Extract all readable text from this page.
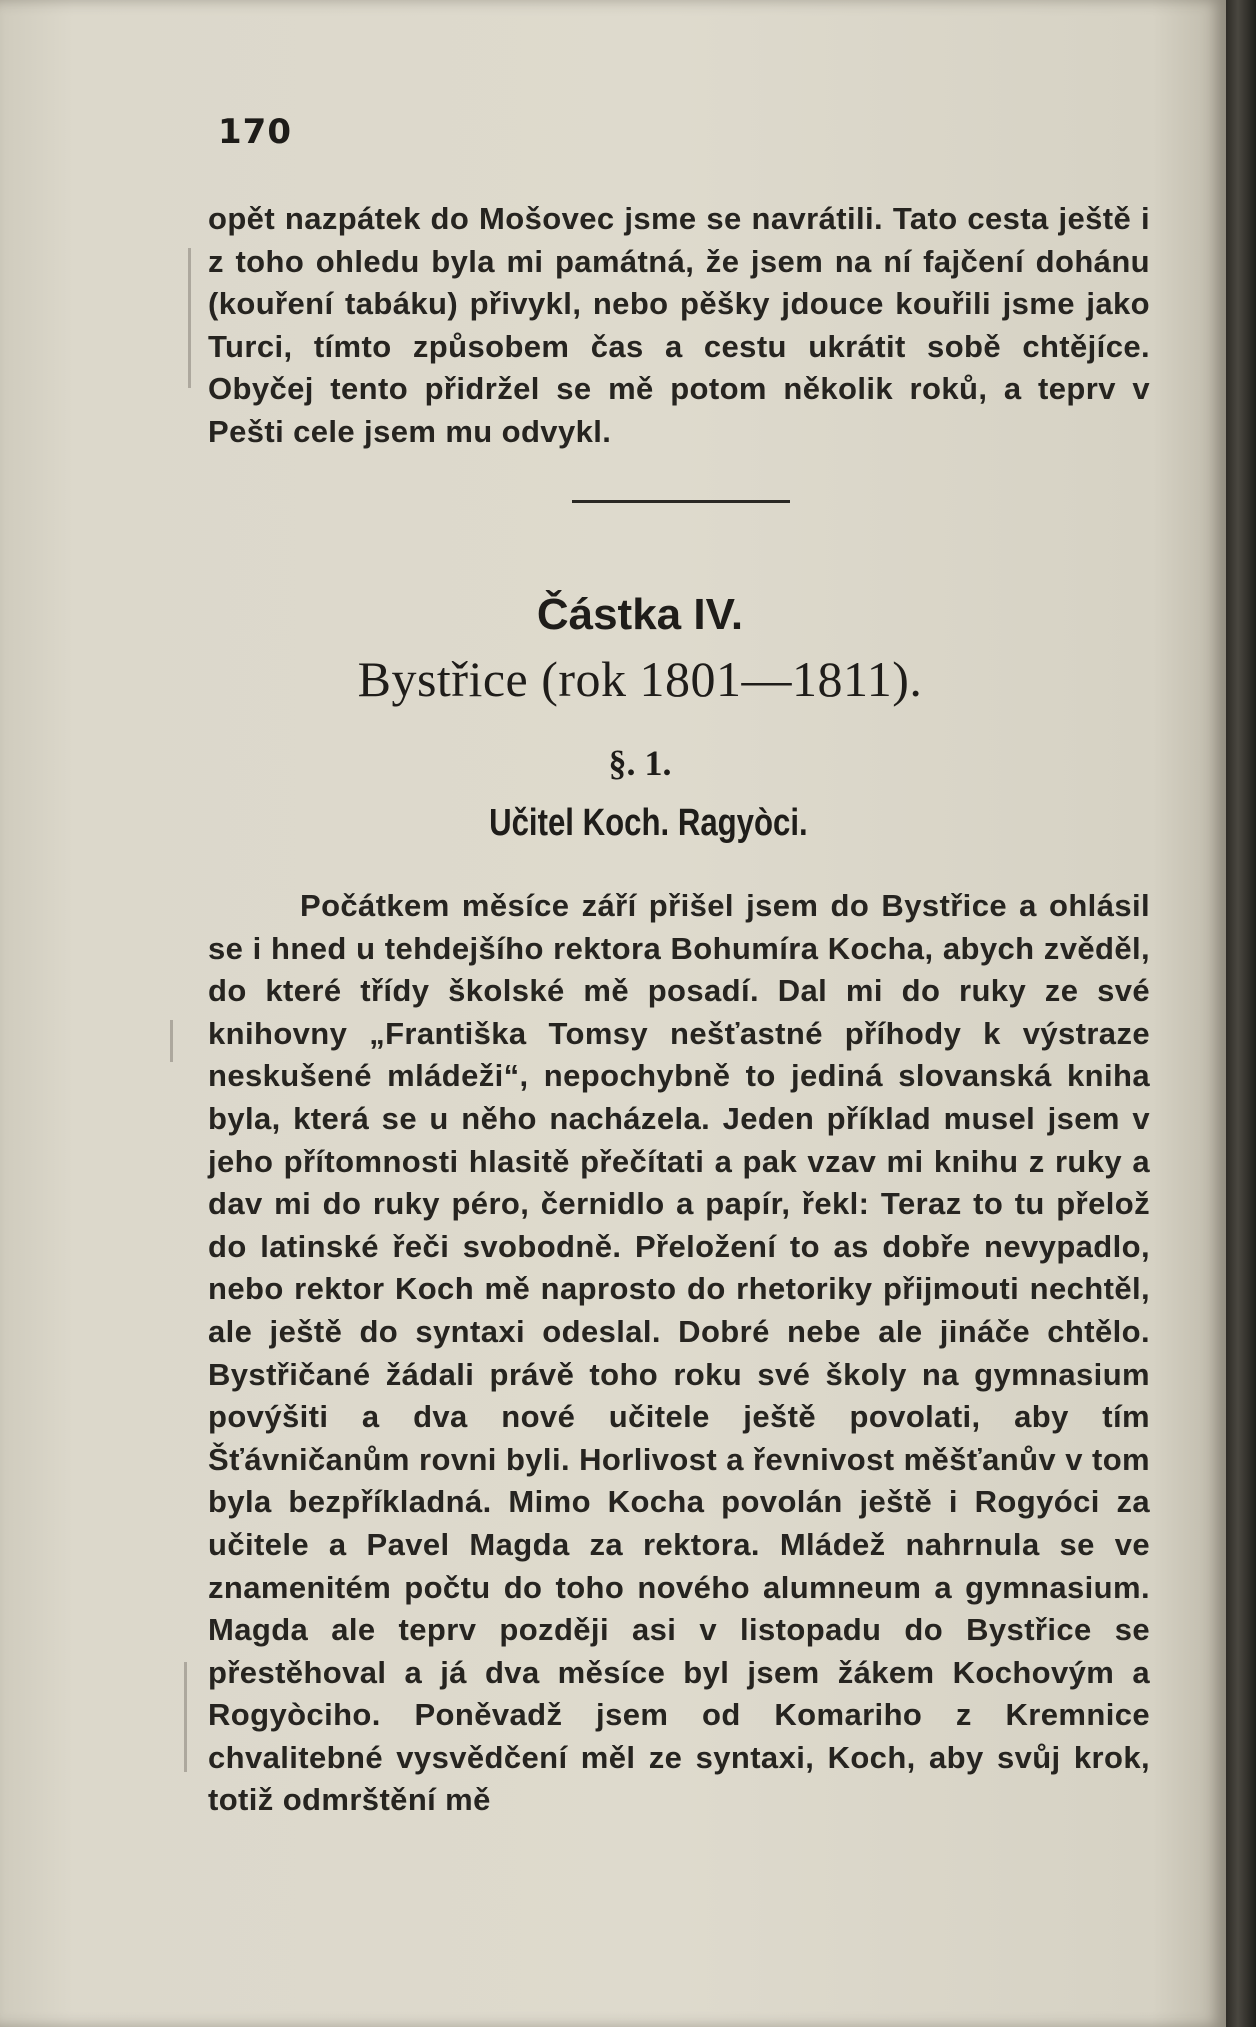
170
opět nazpátek do Mošovec jsme se navrátili. Tato cesta ještě i z toho ohledu byla mi památná, že jsem na ní fajčení dohánu (kouření tabáku) přivykl, nebo pěšky jdouce kouřili jsme jako Turci, tímto způsobem čas a cestu ukrátit sobě chtějíce. Obyčej tento přidržel se mě potom několik roků, a teprv v Pešti cele jsem mu odvykl.
Částka IV.
Bystřice (rok 1801—1811).
§. 1.
Učitel Koch. Ragyòci.
Počátkem měsíce září přišel jsem do Bystřice a ohlásil se i hned u tehdejšího rektora Bohumíra Kocha, abych zvěděl, do které třídy školské mě posadí. Dal mi do ruky ze své knihovny „Františka Tomsy nešťastné příhody k výstraze neskušené mládeži“, nepochybně to jediná slovanská kniha byla, která se u něho nacházela. Jeden příklad musel jsem v jeho přítomnosti hlasitě přečítati a pak vzav mi knihu z ruky a dav mi do ruky péro, černidlo a papír, řekl: Teraz to tu přelož do latinské řeči svobodně. Přeložení to as dobře nevypadlo, nebo rektor Koch mě naprosto do rhetoriky přijmouti nechtěl, ale ještě do syntaxi odeslal. Dobré nebe ale jináče chtělo. Bystřičané žádali právě toho roku své školy na gymnasium povýšiti a dva nové učitele ještě povolati, aby tím Šťávničanům rovni byli. Horlivost a řevnivost měšťanův v tom byla bezpříkladná. Mimo Kocha povolán ještě i Rogyóci za učitele a Pavel Magda za rektora. Mládež nahrnula se ve znamenitém počtu do toho nového alumneum a gymnasium. Magda ale teprv později asi v listopadu do Bystřice se přestěhoval a já dva měsíce byl jsem žákem Kochovým a Rogyòciho. Poněvadž jsem od Komariho z Kremnice chvalitebné vysvědčení měl ze syntaxi, Koch, aby svůj krok, totiž odmrštění mě
